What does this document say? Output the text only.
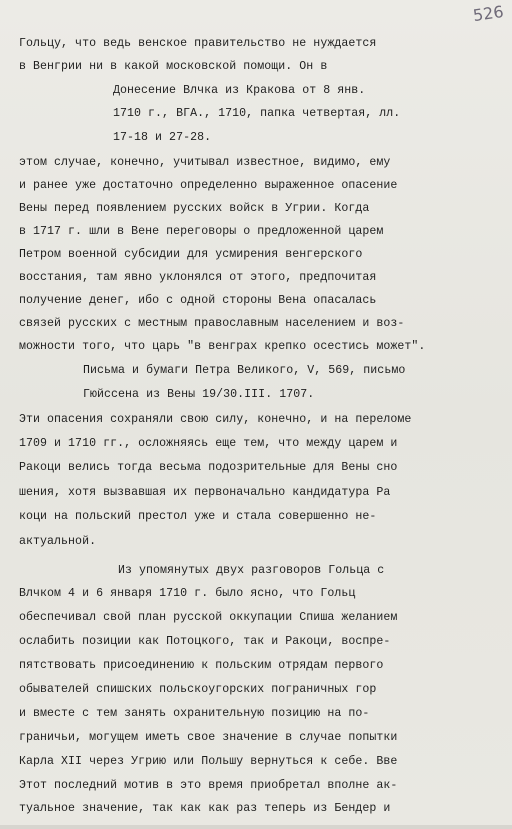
526
Гольцу, что ведь венское правительство не нуждается
в Венгрии ни в какой московской помощи. Он в
Донесение Влчка из Кракова от 8 янв.
1710 г., ВГА., 1710, папка четвертая, лл.
17-18 и 27-28.
этом случае, конечно, учитывал известное, видимо, ему
и ранее уже достаточно определенно выраженное опасение
Вены перед появлением русских войск в Угрии. Когда
в 1717 г. шли в Вене переговоры о предложенной царем
Петром военной субсидии для усмирения венгерского
восстания, там явно уклонялся от этого, предпочитая
получение денег, ибо с одной стороны Вена опасалась
связей русских с местным православным населением и воз-
можности того, что царь "в венграх крепко осестись может".
Письма и бумаги Петра Великого, V, 569, письмо
Гюйссена из Вены 19/30.III. 1707.
Эти опасения сохраняли свою силу, конечно, и на переломе
1709 и 1710 гг., осложняясь еще тем, что между царем и
Ракоци велись тогда весьма подозрительные для Вены сно
шения, хотя вызвавшая их первоначально кандидатура Ра
коци на польский престол уже и стала совершенно не-
актуальной.
Из упомянутых двух разговоров Гольца с
Влчком 4 и 6 января 1710 г. было ясно, что Гольц
обеспечивал свой план русской оккупации Спиша желанием
ослабить позиции как Потоцкого, так и Ракоци, воспре-
пятствовать присоединению к польским отрядам первого
обывателей спишских польскоугорских пограничных гор
и вместе с тем занять охранительную позицию на по-
граничьи, могущем иметь свое значение в случае попытки
Карла XII через Угрию или Польшу вернуться к себе. Вве
Этот последний мотив в это время приобретал вполне ак-
туальное значение, так как как раз теперь из Бендер и
